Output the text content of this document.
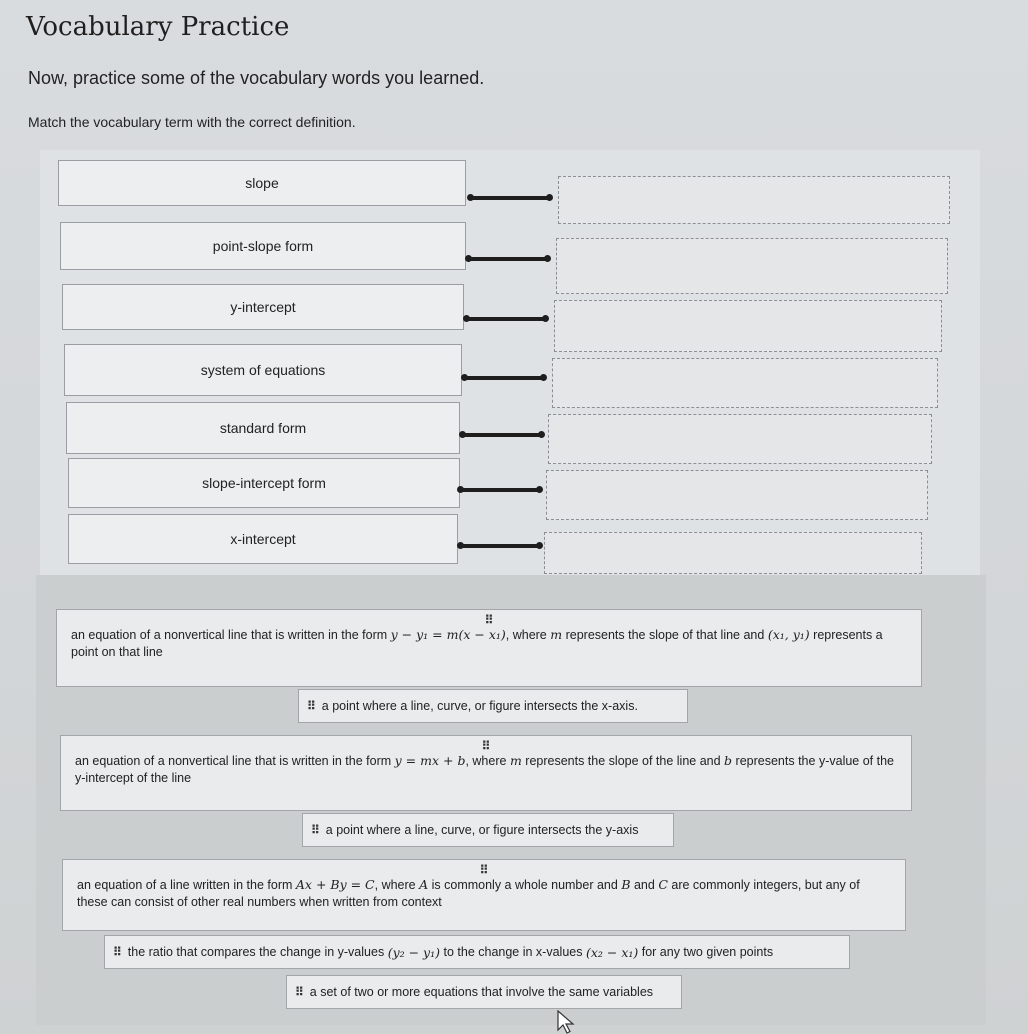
Vocabulary Practice
Now, practice some of the vocabulary words you learned.
Match the vocabulary term with the correct definition.
slope
point-slope form
y-intercept
system of equations
standard form
slope-intercept form
x-intercept
⠿
an equation of a nonvertical line that is written in the form y − y₁ = m(x − x₁), where m represents the slope of that line and (x₁, y₁) represents a point on that line
⠿ a point where a line, curve, or figure intersects the x-axis.
⠿
an equation of a nonvertical line that is written in the form y = mx + b, where m represents the slope of the line and b represents the y-value of the y-intercept of the line
⠿ a point where a line, curve, or figure intersects the y-axis
⠿
an equation of a line written in the form Ax + By = C, where A is commonly a whole number and B and C are commonly integers, but any of these can consist of other real numbers when written from context
⠿ the ratio that compares the change in y-values
(y₂ − y₁)
to the change in x-values
(x₂ − x₁)
for any two given points
⠿ a set of two or more equations that involve the same variables
